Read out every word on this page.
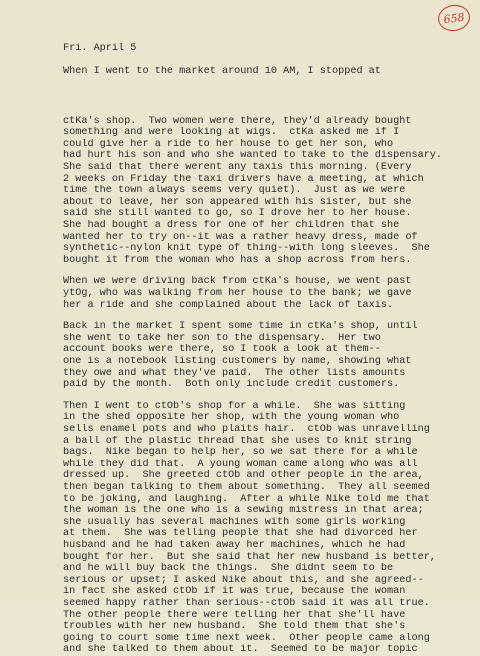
658
Fri. April 5
When I went to the market around 10 AM, I stopped at
ctKa's shop.  Two women were there, they'd already bought
something and were looking at wigs.  ctKa asked me if I
could give her a ride to her house to get her son, who
had hurt his son and who she wanted to take to the dispensary.
She said that there werent any taxis this morning. (Every
2 weeks on Friday the taxi drivers have a meeting, at which
time the town always seems very quiet).  Just as we were
about to leave, her son appeared with his sister, but she
said she still wanted to go, so I drove her to her house.
She had bought a dress for one of her children that she
wanted her to try on--it was a rather heavy dress, made of
synthetic--nylon knit type of thing--with long sleeves.  She
bought it from the woman who has a shop across from hers.
When we were driving back from ctKa's house, we went past
ytOg, who was walking from her house to the bank; we gave
her a ride and she complained about the lack of taxis.
Back in the market I spent some time in ctKa's shop, until
she went to take her son to the dispensary.  Her two
account books were there, so I took a look at them--
one is a notebook listing customers by name, showing what
they owe and what they've paid.  The other lists amounts
paid by the month.  Both only include credit customers.
Then I went to ctOb's shop for a while.  She was sitting
in the shed opposite her shop, with the young woman who
sells enamel pots and who plaits hair.  ctOb was unravelling
a ball of the plastic thread that she uses to knit string
bags.  Nike began to help her, so we sat there for a while
while they did that.  A young woman came along who was all
dressed up.  She greeted ctOb and other people in the area,
then began talking to them about something.  They all seemed
to be joking, and laughing.  After a while Nike told me that
the woman is the one who is a sewing mistress in that area;
she usually has several machines with some girls working
at them.  She was telling people that she had divorced her
husband and he had taken away her machines, which he had
bought for her.  But she said that her new husband is better,
and he will buy back the things.  She didnt seem to be
serious or upset; I asked Nike about this, and she agreed--
in fact she asked ctOb if it was true, because the woman
seemed happy rather than serious--ctOb said it was all true.
The other people there were telling her that she'll have
troubles with her new husband.  She told them that she's
going to court some time next week.  Other people came along
and she talked to them about it.  Seemed to be major topic
